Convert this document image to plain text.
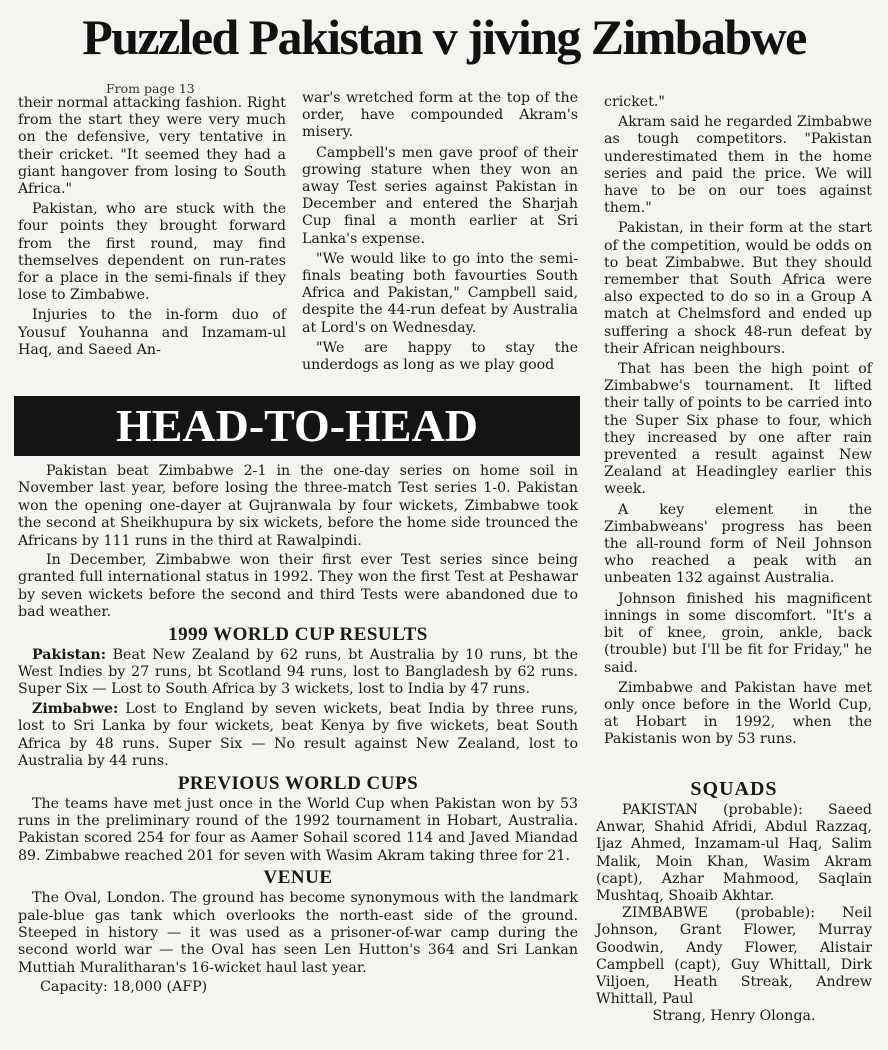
Puzzled Pakistan v jiving Zimbabwe
From page 13

their normal attacking fashion. Right from the start they were very much on the defensive, very tentative in their cricket. "It seemed they had a giant hangover from losing to South Africa."

Pakistan, who are stuck with the four points they brought forward from the first round, may find themselves dependent on run-rates for a place in the semi-finals if they lose to Zimbabwe.

Injuries to the in-form duo of Yousuf Youhanna and Inzamam-ul Haq, and Saeed An-

war's wretched form at the top of the order, have compounded Akram's misery.

Campbell's men gave proof of their growing stature when they won an away Test series against Pakistan in December and entered the Sharjah Cup final a month earlier at Sri Lanka's expense.

"We would like to go into the semi-finals beating both favourties South Africa and Pakistan," Campbell said, despite the 44-run defeat by Australia at Lord's on Wednesday.

"We are happy to stay the underdogs as long as we play good

cricket."

Akram said he regarded Zimbabwe as tough competitors. "Pakistan underestimated them in the home series and paid the price. We will have to be on our toes against them."

Pakistan, in their form at the start of the competition, would be odds on to beat Zimbabwe. But they should remember that South Africa were also expected to do so in a Group A match at Chelmsford and ended up suffering a shock 48-run defeat by their African neighbours.

That has been the high point of Zimbabwe's tournament. It lifted their tally of points to be carried into the Super Six phase to four, which they increased by one after rain prevented a result against New Zealand at Headingley earlier this week.

A key element in the Zimbabweans' progress has been the all-round form of Neil Johnson who reached a peak with an unbeaten 132 against Australia.

Johnson finished his magnificent innings in some discomfort. "It's a bit of knee, groin, ankle, back (trouble) but I'll be fit for Friday," he said.

Zimbabwe and Pakistan have met only once before in the World Cup, at Hobart in 1992, when the Pakistanis won by 53 runs.

HEAD-TO-HEAD

Pakistan beat Zimbabwe 2-1 in the one-day series on home soil in November last year, before losing the three-match Test series 1-0. Pakistan won the opening one-dayer at Gujranwala by four wickets, Zimbabwe took the second at Sheikhupura by six wickets, before the home side trounced the Africans by 111 runs in the third at Rawalpindi.

In December, Zimbabwe won their first ever Test series since being granted full international status in 1992. They won the first Test at Peshawar by seven wickets before the second and third Tests were abandoned due to bad weather.

1999 WORLD CUP RESULTS

Pakistan: Beat New Zealand by 62 runs, bt Australia by 10 runs, bt the West Indies by 27 runs, bt Scotland 94 runs, lost to Bangladesh by 62 runs. Super Six — Lost to South Africa by 3 wickets, lost to India by 47 runs.

Zimbabwe: Lost to England by seven wickets, beat India by three runs, lost to Sri Lanka by four wickets, beat Kenya by five wickets, beat South Africa by 48 runs. Super Six — No result against New Zealand, lost to Australia by 44 runs.

PREVIOUS WORLD CUPS

The teams have met just once in the World Cup when Pakistan won by 53 runs in the preliminary round of the 1992 tournament in Hobart, Australia. Pakistan scored 254 for four as Aamer Sohail scored 114 and Javed Miandad 89. Zimbabwe reached 201 for seven with Wasim Akram taking three for 21.

VENUE

The Oval, London. The ground has become synonymous with the landmark pale-blue gas tank which overlooks the north-east side of the ground. Steeped in history — it was used as a prisoner-of-war camp during the second world war — the Oval has seen Len Hutton's 364 and Sri Lankan Muttiah Muralitharan's 16-wicket haul last year.

Capacity: 18,000 (AFP)

SQUADS

PAKISTAN (probable): Saeed Anwar, Shahid Afridi, Abdul Razzaq, Ijaz Ahmed, Inzamam-ul Haq, Salim Malik, Moin Khan, Wasim Akram (capt), Azhar Mahmood, Saqlain Mushtaq, Shoaib Akhtar.

ZIMBABWE (probable): Neil Johnson, Grant Flower, Murray Goodwin, Andy Flower, Alistair Campbell (capt), Guy Whittall, Dirk Viljoen, Heath Streak, Andrew Whittall, Paul

Strang, Henry Olonga.
